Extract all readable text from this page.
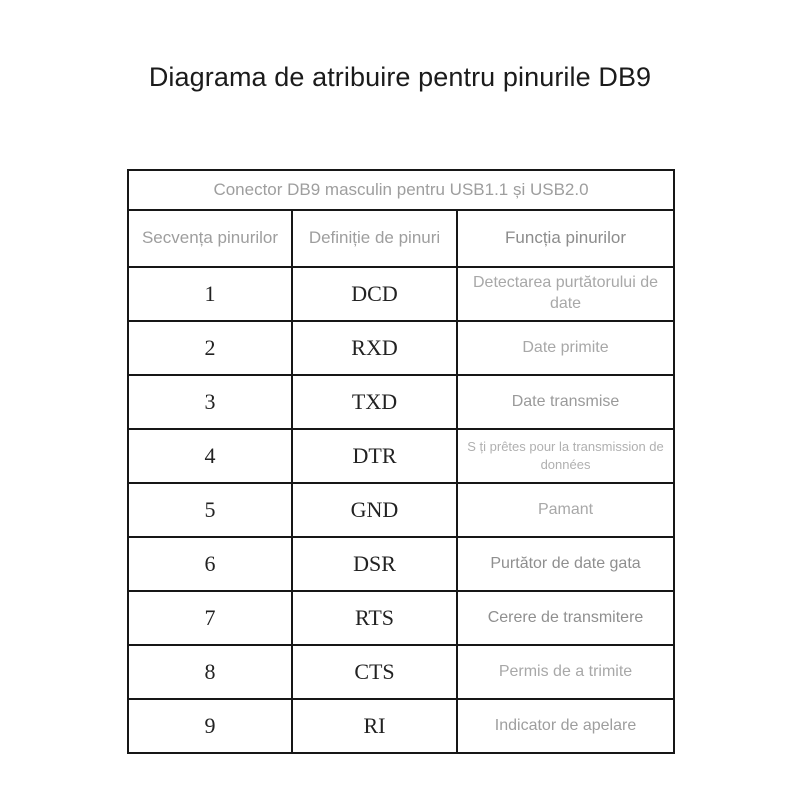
Diagrama de atribuire pentru pinurile DB9
Conector DB9 masculin pentru USB1.1 și USB2.0		
Secvența pinurilor	Definiție de pinuri	Funcția pinurilor
1	DCD	Detectarea purtătorului de date
2	RXD	Date primite
3	TXD	Date transmise
4	DTR	S ți prêtes pour la transmission de données
5	GND	Pamant
6	DSR	Purtător de date gata
7	RTS	Cerere de transmitere
8	CTS	Permis de a trimite
9	RI	Indicator de apelare
